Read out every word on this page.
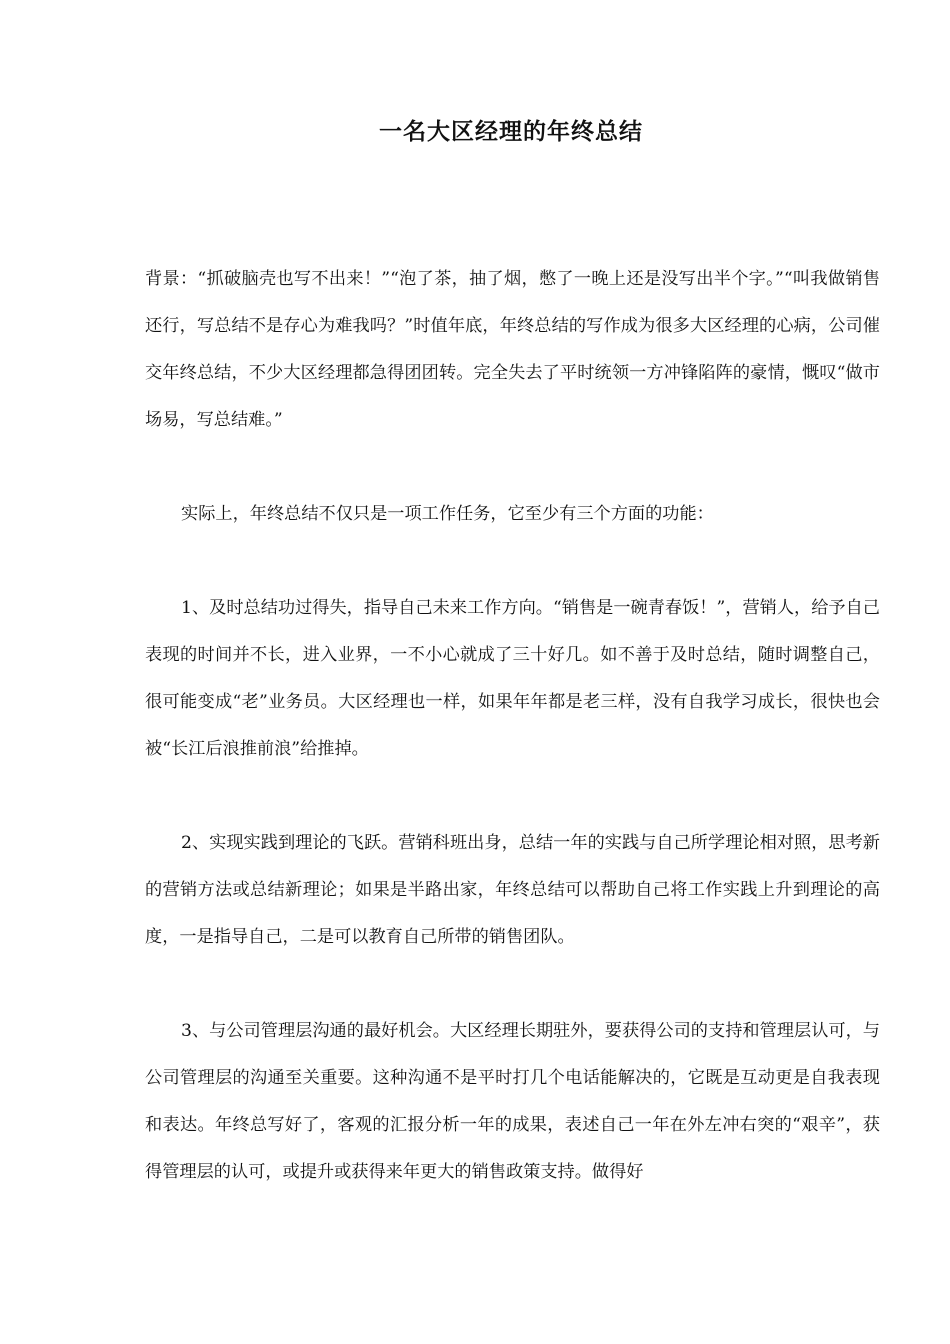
一名大区经理的年终总结

背景：“抓破脑壳也写不出来！”“泡了茶，抽了烟，憋了一晚上还是没写出半个字。”“叫我做销售还行，写总结不是存心为难我吗？”时值年底，年终总结的写作成为很多大区经理的心病，公司催交年终总结，不少大区经理都急得团团转。完全失去了平时统领一方冲锋陷阵的豪情，慨叹“做市场易，写总结难。”

实际上，年终总结不仅只是一项工作任务，它至少有三个方面的功能：

1、及时总结功过得失，指导自己未来工作方向。“销售是一碗青春饭！”，营销人，给予自己表现的时间并不长，进入业界，一不小心就成了三十好几。如不善于及时总结，随时调整自己，很可能变成“老”业务员。大区经理也一样，如果年年都是老三样，没有自我学习成长，很快也会被“长江后浪推前浪”给推掉。

2、实现实践到理论的飞跃。营销科班出身，总结一年的实践与自己所学理论相对照，思考新的营销方法或总结新理论；如果是半路出家，年终总结可以帮助自己将工作实践上升到理论的高度，一是指导自己，二是可以教育自己所带的销售团队。

3、与公司管理层沟通的最好机会。大区经理长期驻外，要获得公司的支持和管理层认可，与公司管理层的沟通至关重要。这种沟通不是平时打几个电话能解决的，它既是互动更是自我表现和表达。年终总写好了，客观的汇报分析一年的成果，表述自己一年在外左冲右突的“艰辛”，获得管理层的认可，或提升或获得来年更大的销售政策支持。做得好
